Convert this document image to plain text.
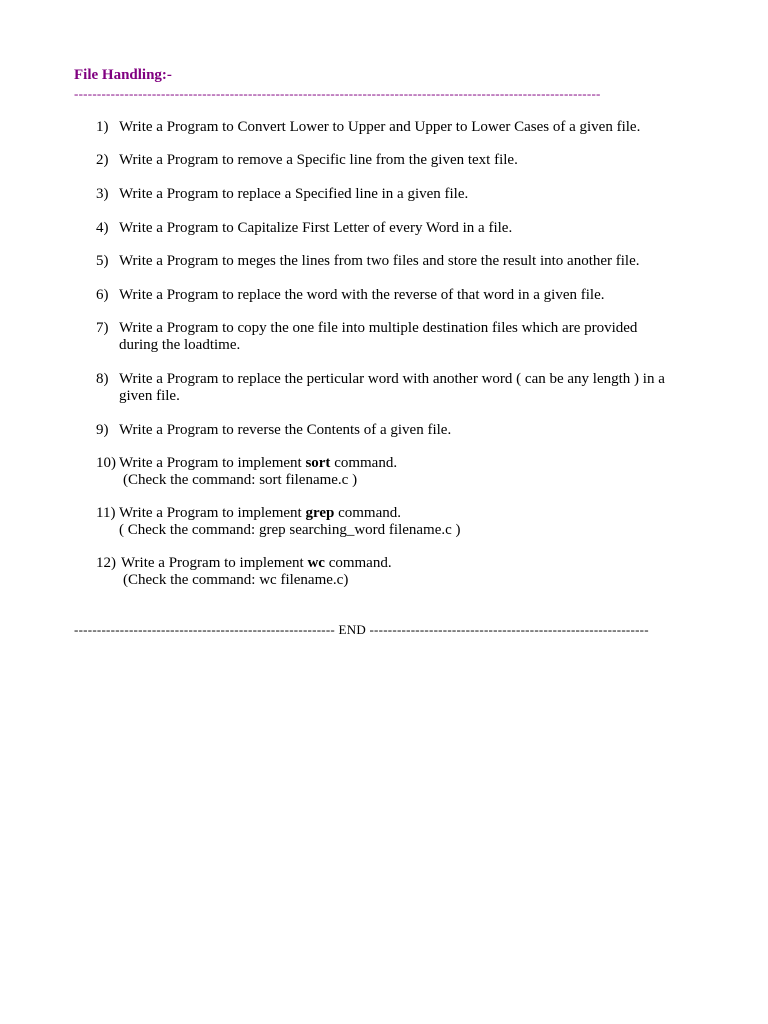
File Handling:-
-------------------------------------------------------------------------------------------------------------------
1) Write a Program to Convert Lower to Upper and Upper to Lower Cases of a given file.
2) Write a Program to remove a Specific line from the given text file.
3) Write a Program to replace a Specified line in a given file.
4) Write a Program to Capitalize First Letter of every Word in a file.
5) Write a Program to meges the lines from two files and store the result into another file.
6) Write a Program to replace the word with the reverse of that word in a given file.
7) Write a Program to copy the one file into multiple destination files which are provided
during the loadtime.
8) Write a Program to replace the perticular word with another word ( can be any length ) in a
given file.
9) Write a Program to reverse the Contents of a given file.
10) Write a Program to implement sort command.
(Check the command: sort filename.c )
11) Write a Program to implement grep command.
( Check the command: grep searching_word filename.c )
12) Write a Program to implement wc command.
(Check the command: wc filename.c)
--------------------------------------------------------- END -------------------------------------------------------------
